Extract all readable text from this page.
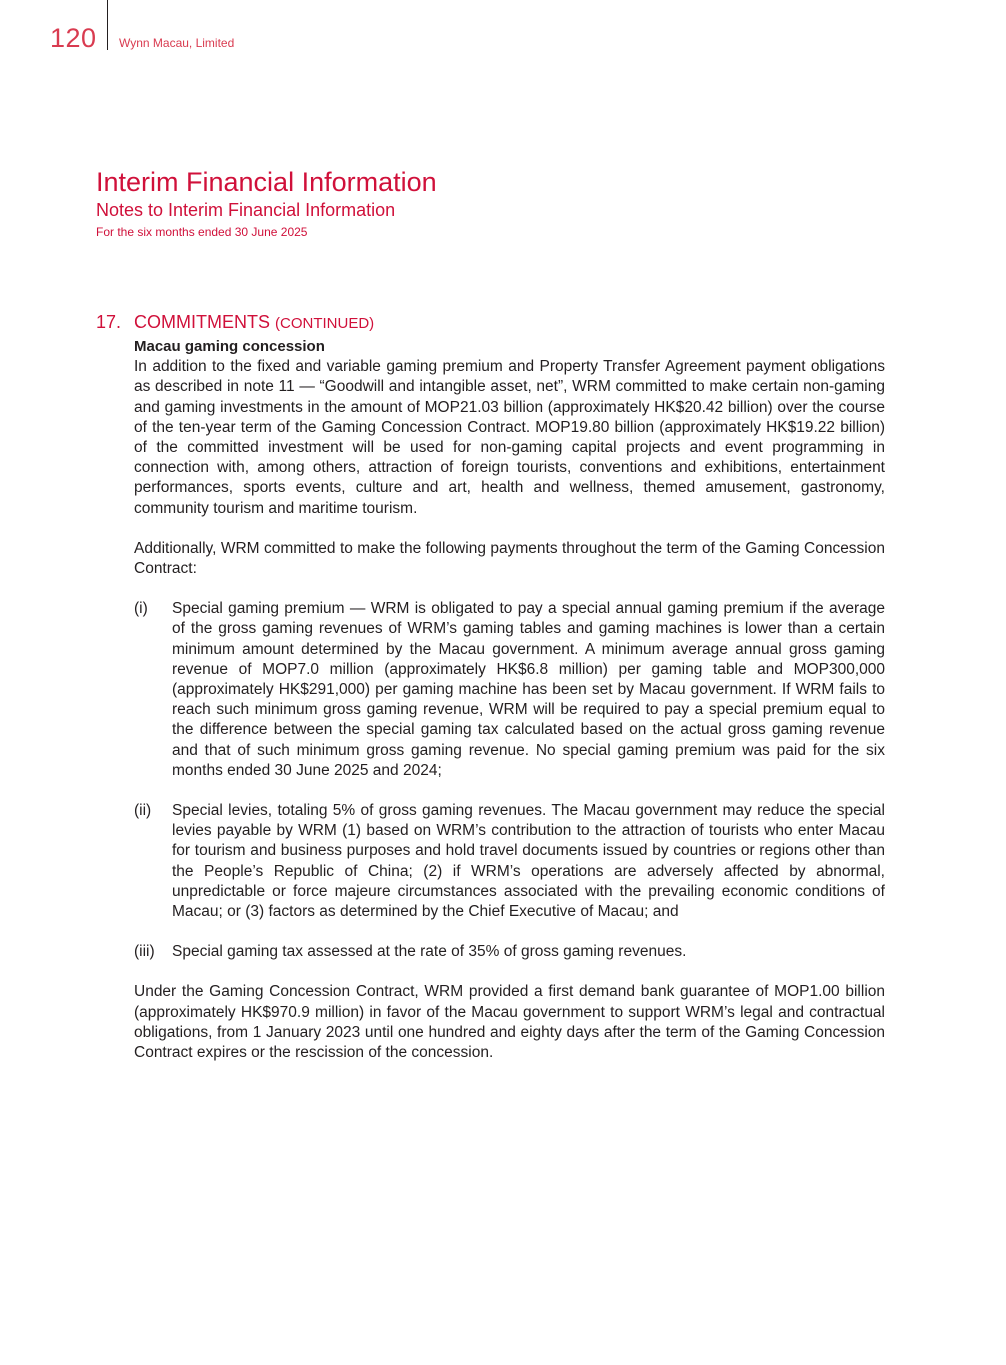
120 Wynn Macau, Limited
Interim Financial Information
Notes to Interim Financial Information
For the six months ended 30 June 2025
17. COMMITMENTS (CONTINUED)

Macau gaming concession

In addition to the fixed and variable gaming premium and Property Transfer Agreement payment obligations as described in note 11 — “Goodwill and intangible asset, net”, WRM committed to make certain non-gaming and gaming investments in the amount of MOP21.03 billion (approximately HK$20.42 billion) over the course of the ten-year term of the Gaming Concession Contract. MOP19.80 billion (approximately HK$19.22 billion) of the committed investment will be used for non-gaming capital projects and event programming in connection with, among others, attraction of foreign tourists, conventions and exhibitions, entertainment performances, sports events, culture and art, health and wellness, themed amusement, gastronomy, community tourism and maritime tourism.

Additionally, WRM committed to make the following payments throughout the term of the Gaming Concession Contract:

(i)	Special gaming premium — WRM is obligated to pay a special annual gaming premium if the average of the gross gaming revenues of WRM’s gaming tables and gaming machines is lower than a certain minimum amount determined by the Macau government. A minimum average annual gross gaming revenue of MOP7.0 million (approximately HK$6.8 million) per gaming table and MOP300,000 (approximately HK$291,000) per gaming machine has been set by Macau government. If WRM fails to reach such minimum gross gaming revenue, WRM will be required to pay a special premium equal to the difference between the special gaming tax calculated based on the actual gross gaming revenue and that of such minimum gross gaming revenue. No special gaming premium was paid for the six months ended 30 June 2025 and 2024;
(ii)	Special levies, totaling 5% of gross gaming revenues. The Macau government may reduce the special levies payable by WRM (1) based on WRM’s contribution to the attraction of tourists who enter Macau for tourism and business purposes and hold travel documents issued by countries or regions other than the People’s Republic of China; (2) if WRM’s operations are adversely affected by abnormal, unpredictable or force majeure circumstances associated with the prevailing economic conditions of Macau; or (3) factors as determined by the Chief Executive of Macau; and
(iii)	Special gaming tax assessed at the rate of 35% of gross gaming revenues.

Under the Gaming Concession Contract, WRM provided a first demand bank guarantee of MOP1.00 billion (approximately HK$970.9 million) in favor of the Macau government to support WRM’s legal and contractual obligations, from 1 January 2023 until one hundred and eighty days after the term of the Gaming Concession Contract expires or the rescission of the concession.
